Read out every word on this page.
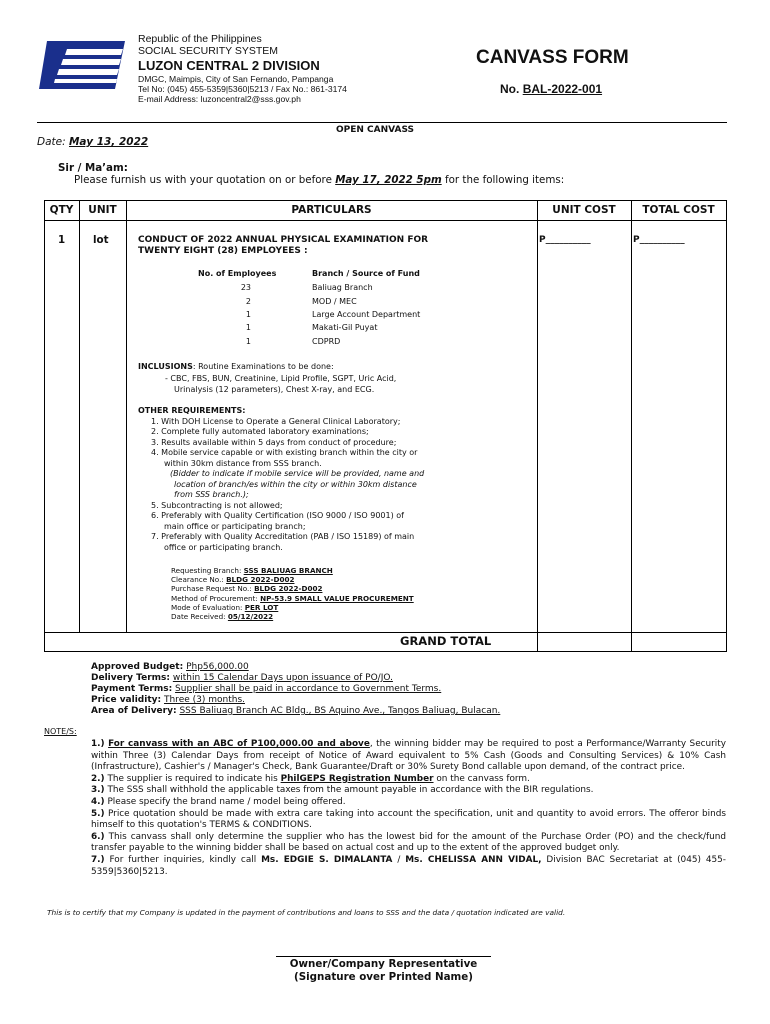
Republic of the Philippines
SOCIAL SECURITY SYSTEM
LUZON CENTRAL 2 DIVISION
DMGC, Maimpis, City of San Fernando, Pampanga
Tel No: (045) 455-5359|5360|5213 / Fax No.: 861-3174
E-mail Address: luzoncentral2@sss.gov.ph
CANVASS FORM
No. BAL-2022-001
OPEN CANVASS
Date: May 13, 2022
Sir / Ma’am:
Please furnish us with your quotation on or before May 17, 2022 5pm for the following items:
QTY	UNIT	PARTICULARS	UNIT COST	TOTAL COST
1	lot	CONDUCT OF 2022 ANNUAL PHYSICAL EXAMINATION FOR
TWENTY EIGHT (28) EMPLOYEES :
P__________	P__________
No. of Employees	Branch / Source of Fund
23	Baliuag Branch
2	MOD / MEC
1	Large Account Department
1	Makati-Gil Puyat
1	CDPRD
INCLUSIONS: Routine Examinations to be done:
- CBC, FBS, BUN, Creatinine, Lipid Profile, SGPT, Uric Acid,
Urinalysis (12 parameters), Chest X-ray, and ECG.
OTHER REQUIREMENTS:
1. With DOH License to Operate a General Clinical Laboratory;
2. Complete fully automated laboratory examinations;
3. Results available within 5 days from conduct of procedure;
4. Mobile service capable or with existing branch within the city or
within 30km distance from SSS branch.
(Bidder to indicate if mobile service will be provided, name and
location of branch/es within the city or within 30km distance
from SSS branch.);
5. Subcontracting is not allowed;
6. Preferably with Quality Certification (ISO 9000 / ISO 9001) of
main office or participating branch;
7. Preferably with Quality Accreditation (PAB / ISO 15189) of main
office or participating branch.
Requesting Branch: SSS BALIUAG BRANCH
Clearance No.: BLDG 2022-D002
Purchase Request No.: BLDG 2022-D002
Method of Procurement: NP-53.9 SMALL VALUE PROCUREMENT
Mode of Evaluation: PER LOT
Date Received: 05/12/2022
GRAND TOTAL
Approved Budget: Php56,000.00
Delivery Terms: within 15 Calendar Days upon issuance of PO/JO.
Payment Terms: Supplier shall be paid in accordance to Government Terms.
Price validity: Three (3) months.
Area of Delivery: SSS Baliuag Branch AC Bldg., BS Aquino Ave., Tangos Baliuag, Bulacan.
NOTE/S:

1.) For canvass with an ABC of P100,000.00 and above, the winning bidder may be required to post a Performance/Warranty Security within Three (3) Calendar Days from receipt of Notice of Award equivalent to 5% Cash (Goods and Consulting Services) & 10% Cash (Infrastructure), Cashier's / Manager's Check, Bank Guarantee/Draft or 30% Surety Bond callable upon demand, of the contract price.

2.) The supplier is required to indicate his PhilGEPS Registration Number on the canvass form.

3.) The SSS shall withhold the applicable taxes from the amount payable in accordance with the BIR regulations.

4.) Please specify the brand name / model being offered.

5.) Price quotation should be made with extra care taking into account the specification, unit and quantity to avoid errors. The offeror binds himself to this quotation's TERMS & CONDITIONS.

6.) This canvass shall only determine the supplier who has the lowest bid for the amount of the Purchase Order (PO) and the check/fund transfer payable to the winning bidder shall be based on actual cost and up to the extent of the approved budget only.

7.) For further inquiries, kindly call Ms. EDGIE S. DIMALANTA / Ms. CHELISSA ANN VIDAL, Division BAC Secretariat at (045) 455-5359|5360|5213.

This is to certify that my Company is updated in the payment of contributions and loans to SSS and the data / quotation indicated are valid.
Owner/Company Representative
(Signature over Printed Name)
